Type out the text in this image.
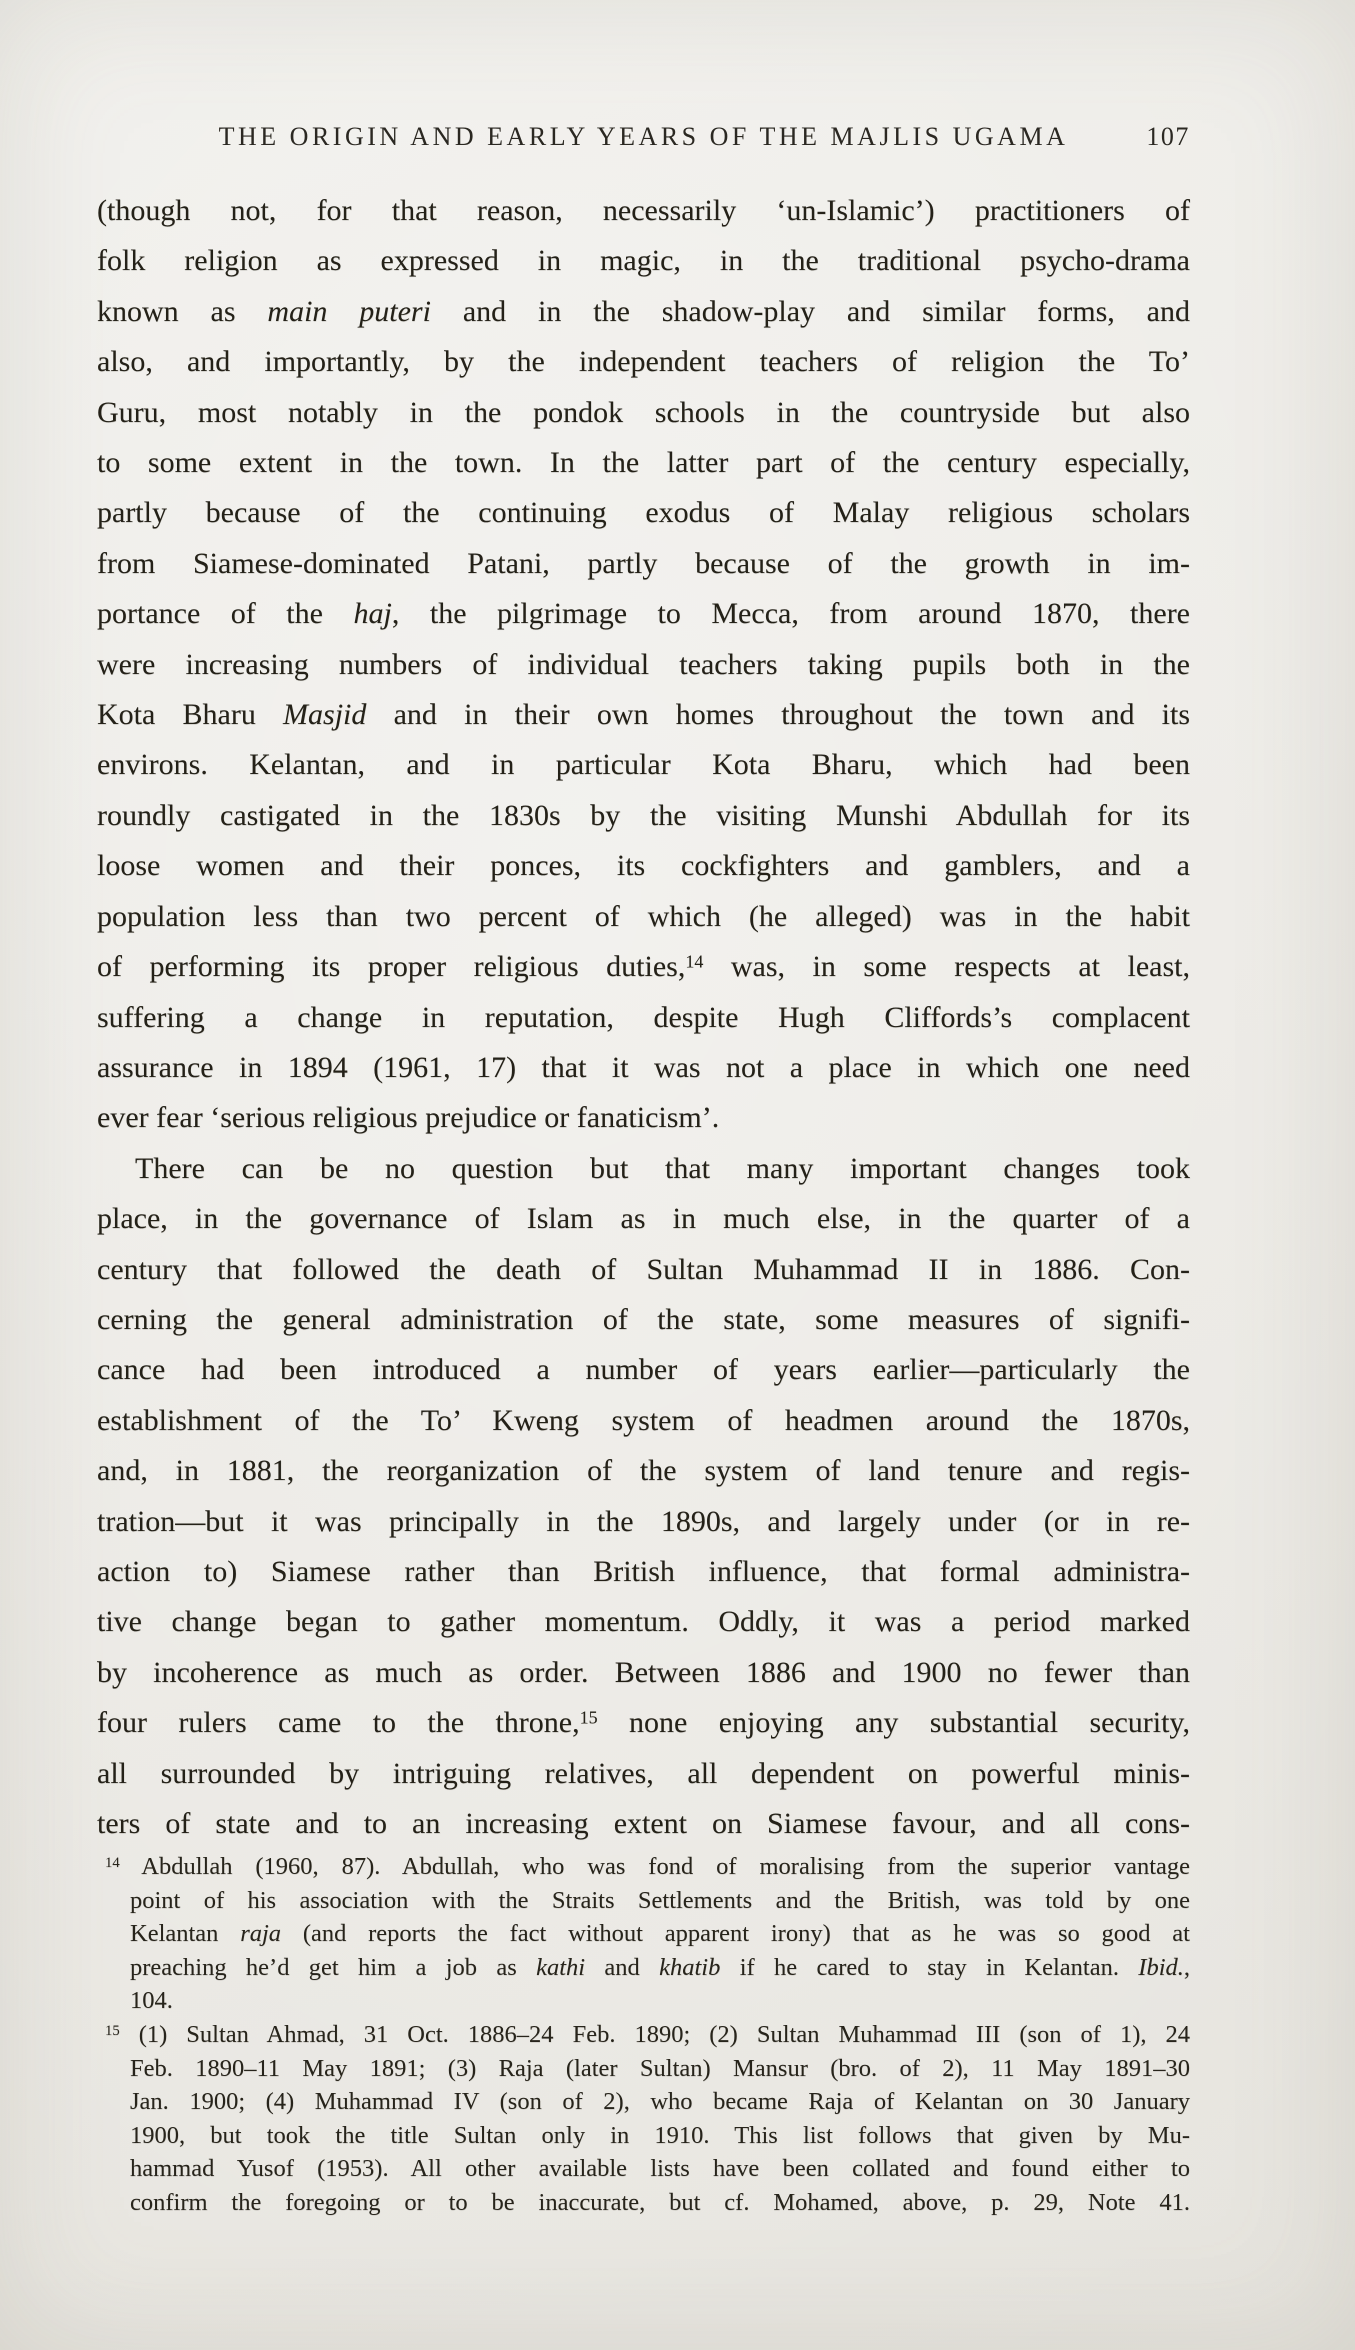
THE ORIGIN AND EARLY YEARS OF THE MAJLIS UGAMA	107
(though not, for that reason, necessarily ‘un-Islamic’) practitioners of
folk religion as expressed in magic, in the traditional psycho-drama
known as main puteri and in the shadow-play and similar forms, and
also, and importantly, by the independent teachers of religion the To’
Guru, most notably in the pondok schools in the countryside but also
to some extent in the town. In the latter part of the century especially,
partly because of the continuing exodus of Malay religious scholars
from Siamese-dominated Patani, partly because of the growth in im-
portance of the haj, the pilgrimage to Mecca, from around 1870, there
were increasing numbers of individual teachers taking pupils both in the
Kota Bharu Masjid and in their own homes throughout the town and its
environs. Kelantan, and in particular Kota Bharu, which had been
roundly castigated in the 1830s by the visiting Munshi Abdullah for its
loose women and their ponces, its cockfighters and gamblers, and a
population less than two percent of which (he alleged) was in the habit
of performing its proper religious duties,$^{14}$ was, in some respects at least,
suffering a change in reputation, despite Hugh Cliffords’s complacent
assurance in 1894 (1961, 17) that it was not a place in which one need
ever fear ‘serious religious prejudice or fanaticism’.
There can be no question but that many important changes took
place, in the governance of Islam as in much else, in the quarter of a
century that followed the death of Sultan Muhammad II in 1886. Con-
cerning the general administration of the state, some measures of signifi-
cance had been introduced a number of years earlier—particularly the
establishment of the To’ Kweng system of headmen around the 1870s,
and, in 1881, the reorganization of the system of land tenure and regis-
tration—but it was principally in the 1890s, and largely under (or in re-
action to) Siamese rather than British influence, that formal administra-
tive change began to gather momentum. Oddly, it was a period marked
by incoherence as much as order. Between 1886 and 1900 no fewer than
four rulers came to the throne,$^{15}$ none enjoying any substantial security,
all surrounded by intriguing relatives, all dependent on powerful minis-
ters of state and to an increasing extent on Siamese favour, and all cons-
$^{14}$ Abdullah (1960, 87). Abdullah, who was fond of moralising from the superior vantage
point of his association with the Straits Settlements and the British, was told by one
Kelantan raja (and reports the fact without apparent irony) that as he was so good at
preaching he’d get him a job as kathi and khatib if he cared to stay in Kelantan. Ibid.,
104.
$^{15}$ (1) Sultan Ahmad, 31 Oct. 1886–24 Feb. 1890; (2) Sultan Muhammad III (son of 1), 24
Feb. 1890–11 May 1891; (3) Raja (later Sultan) Mansur (bro. of 2), 11 May 1891–30
Jan. 1900; (4) Muhammad IV (son of 2), who became Raja of Kelantan on 30 January
1900, but took the title Sultan only in 1910. This list follows that given by Mu-
hammad Yusof (1953). All other available lists have been collated and found either to
confirm the foregoing or to be inaccurate, but cf. Mohamed, above, p. 29, Note 41.
